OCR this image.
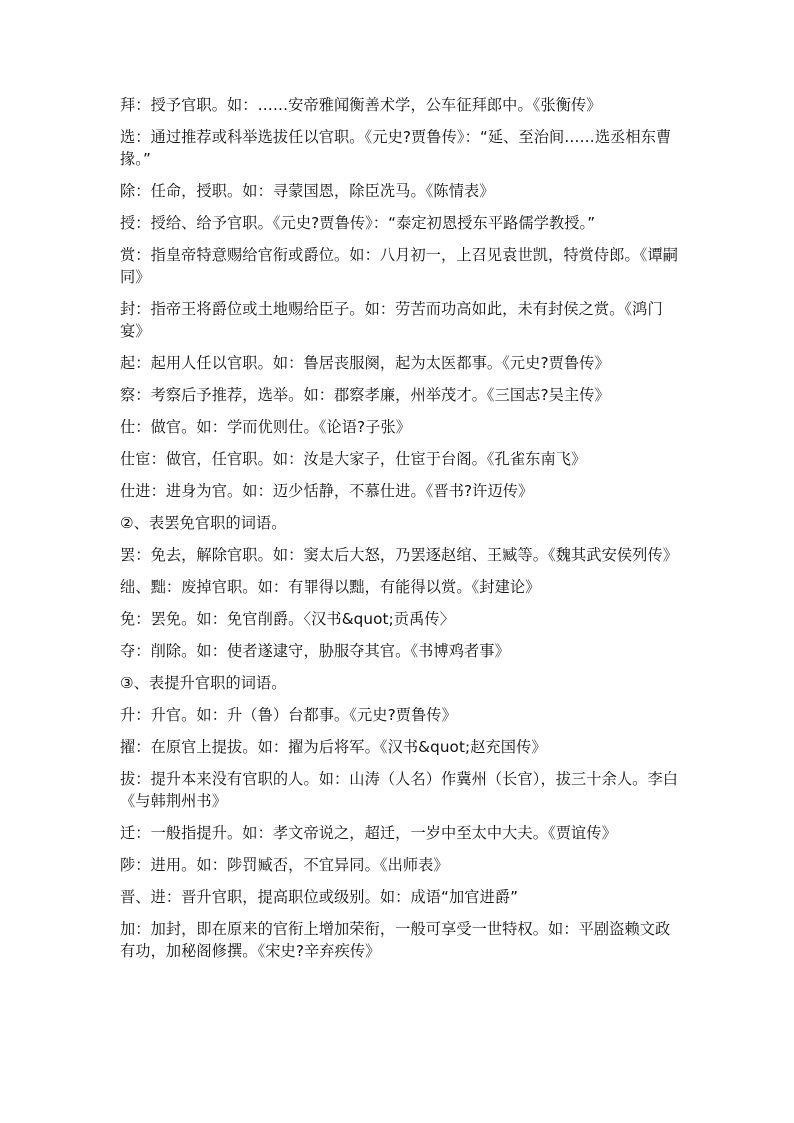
拜：授予官职。如：……安帝雅闻衡善术学，公车征拜郎中。《张衡传》

选：通过推荐或科举选拔任以官职。《元史?贾鲁传》：“延、至治间……选丞相东曹掾。”

除：任命，授职。如：寻蒙国恩，除臣冼马。《陈情表》

授：授给、给予官职。《元史?贾鲁传》：“泰定初恩授东平路儒学教授。”

赏：指皇帝特意赐给官衔或爵位。如：八月初一，上召见袁世凯，特赏侍郎。《谭嗣同》

封：指帝王将爵位或土地赐给臣子。如：劳苦而功高如此，未有封侯之赏。《鸿门宴》

起：起用人任以官职。如：鲁居丧服阕，起为太医都事。《元史?贾鲁传》

察：考察后予推荐，选举。如：郡察孝廉，州举茂才。《三国志?吴主传》

仕：做官。如：学而优则仕。《论语?子张》

仕宦：做官，任官职。如：汝是大家子，仕宦于台阁。《孔雀东南飞》

仕进：进身为官。如：迈少恬静，不慕仕进。《晋书?许迈传》

②、表罢免官职的词语。

罢：免去，解除官职。如：窦太后大怒，乃罢逐赵绾、王臧等。《魏其武安侯列传》

绌、黜：废掉官职。如：有罪得以黜，有能得以赏。《封建论》

免：罢免。如：免官削爵。〈汉书&quot;贡禹传〉

夺：削除。如：使者遂逮守，胁服夺其官。《书博鸡者事》

③、表提升官职的词语。

升：升官。如：升（鲁）台都事。《元史?贾鲁传》

擢：在原官上提拔。如：擢为后将军。《汉书&quot;赵充国传》

拔：提升本来没有官职的人。如：山涛（人名）作冀州（长官），拔三十余人。李白《与韩荆州书》

迁：一般指提升。如：孝文帝说之，超迁，一岁中至太中大夫。《贾谊传》

陟：进用。如：陟罚臧否，不宜异同。《出师表》

晋、进：晋升官职，提高职位或级别。如：成语“加官进爵”

加：加封，即在原来的官衔上增加荣衔，一般可享受一世特权。如：平剧盗赖文政有功，加秘阁修撰。《宋史?辛弃疾传》
